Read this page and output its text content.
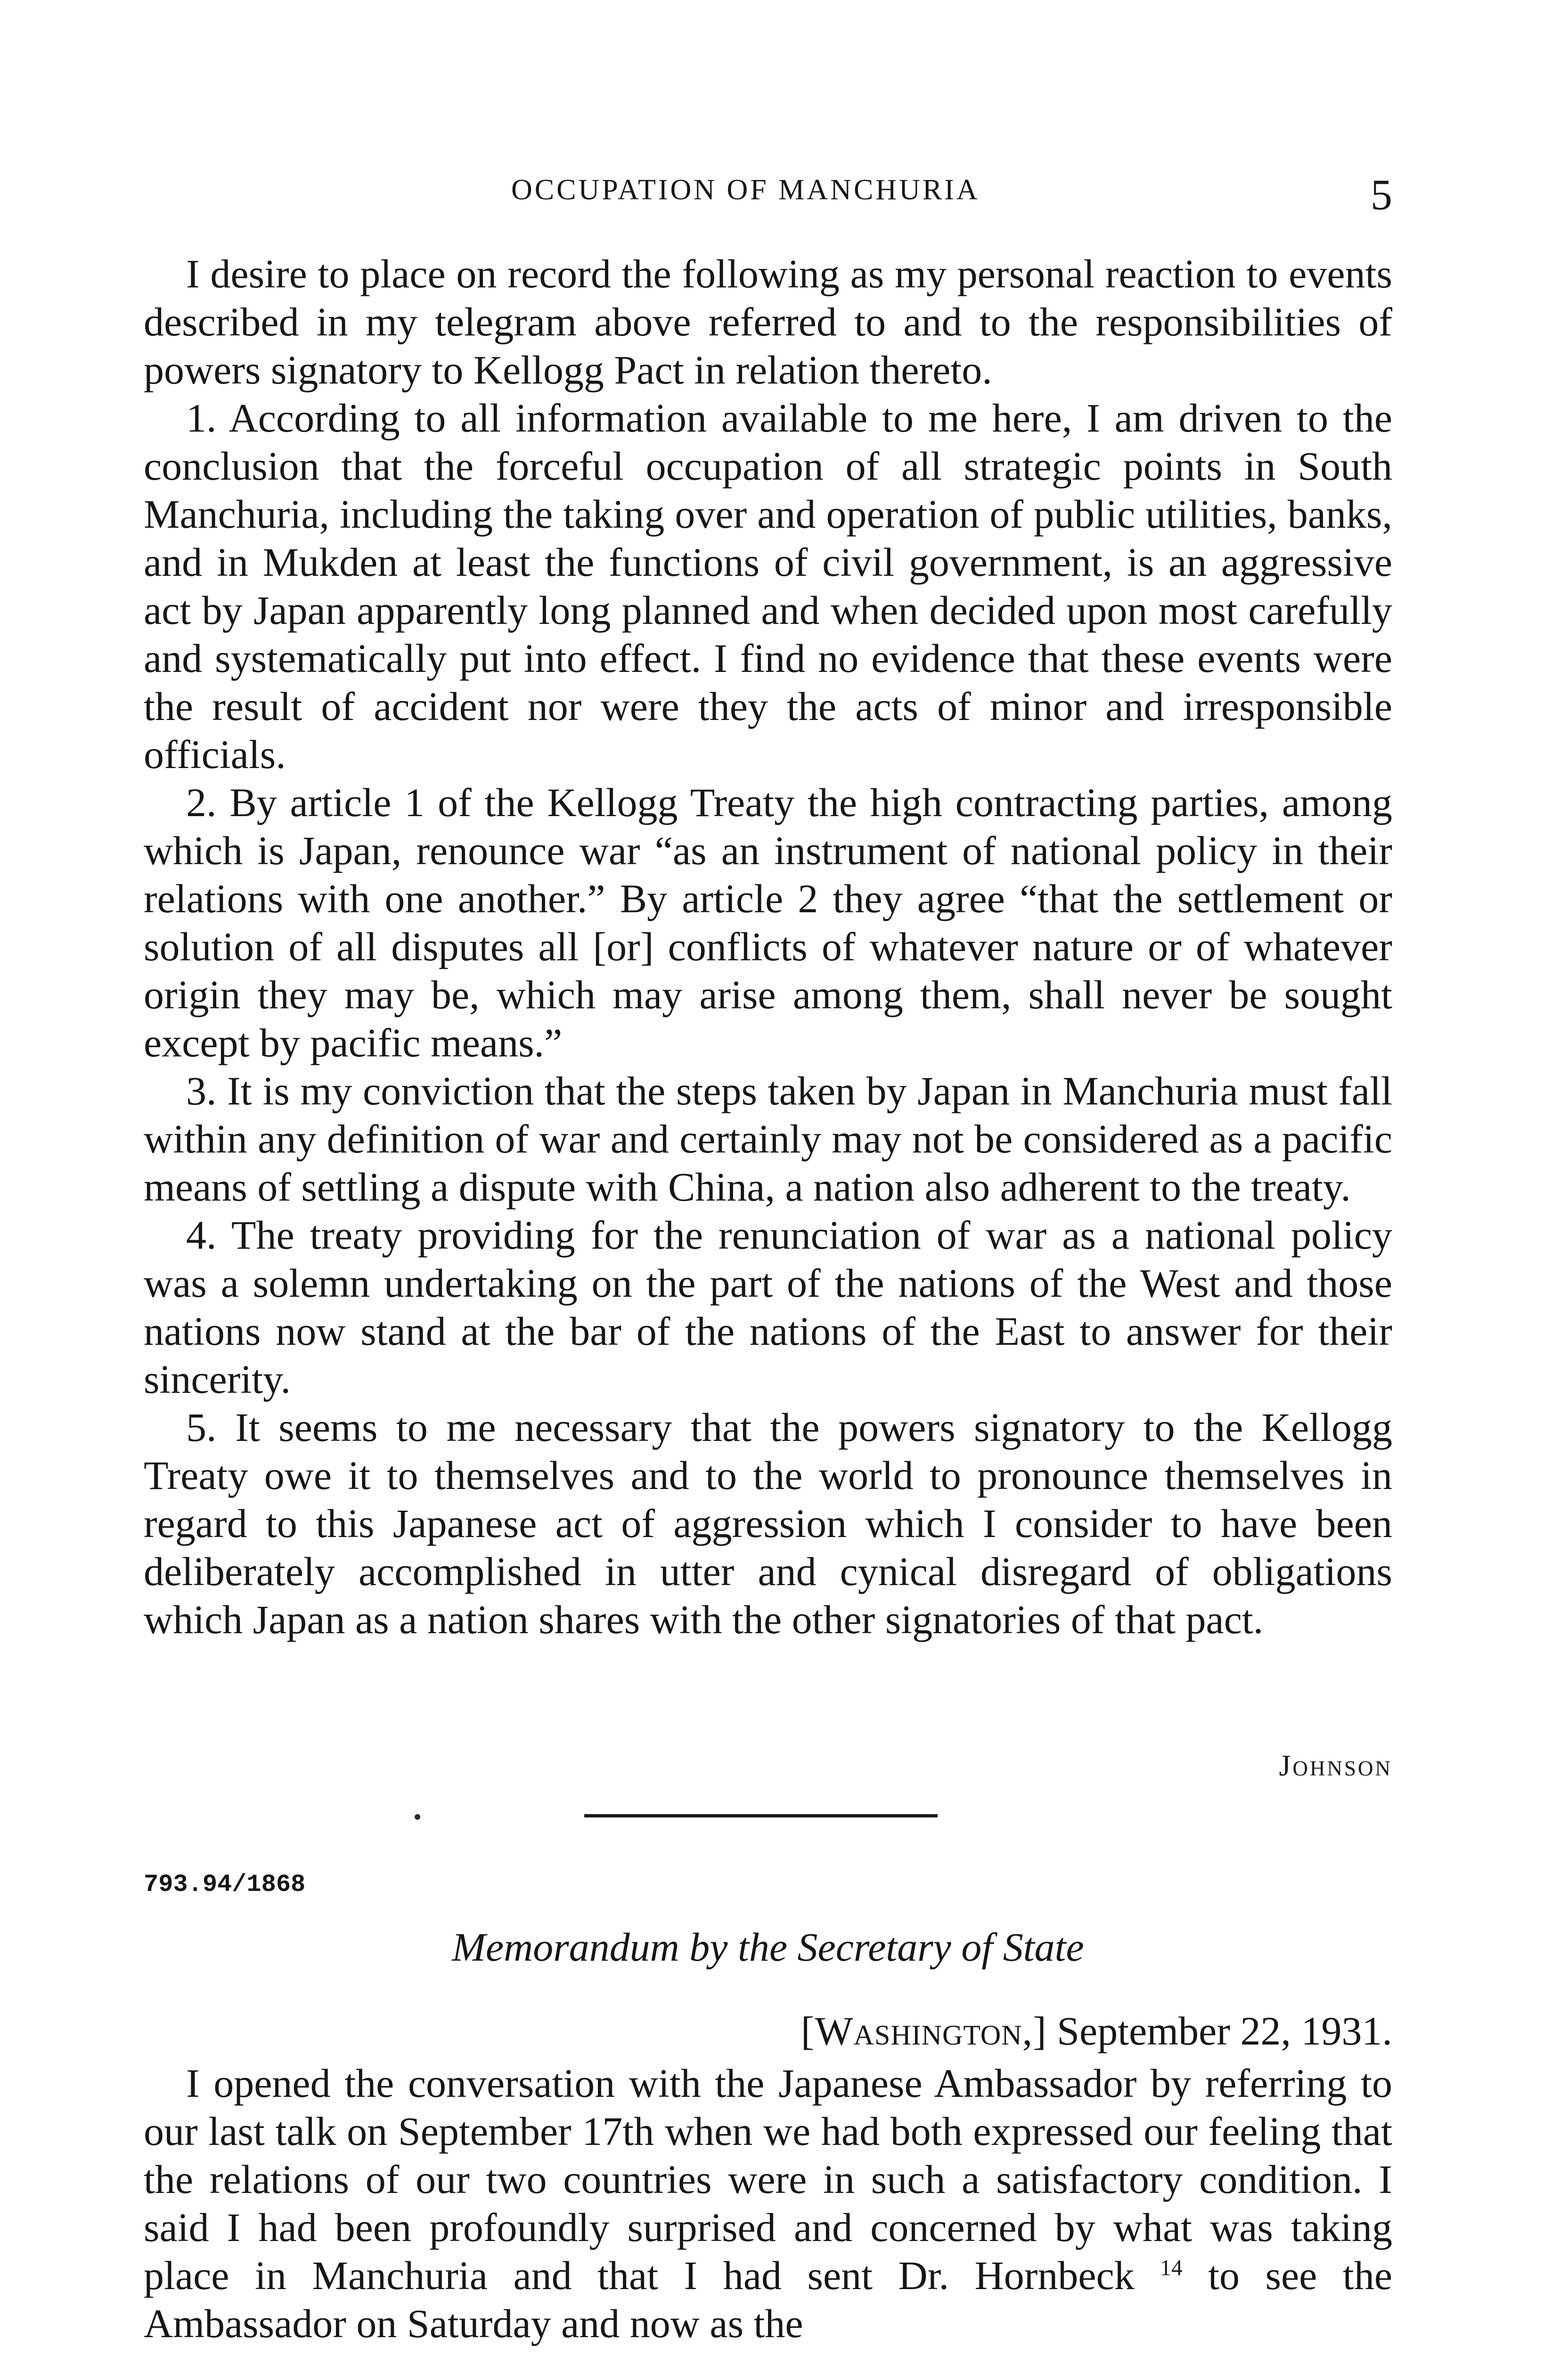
OCCUPATION OF MANCHURIA	5

I desire to place on record the following as my personal reaction to events described in my telegram above referred to and to the responsibilities of powers signatory to Kellogg Pact in relation thereto.

1. According to all information available to me here, I am driven to the conclusion that the forceful occupation of all strategic points in South Manchuria, including the taking over and operation of public utilities, banks, and in Mukden at least the functions of civil government, is an aggressive act by Japan apparently long planned and when decided upon most carefully and systematically put into effect. I find no evidence that these events were the result of accident nor were they the acts of minor and irresponsible officials.

2. By article 1 of the Kellogg Treaty the high contracting parties, among which is Japan, renounce war “as an instrument of national policy in their relations with one another.” By article 2 they agree “that the settlement or solution of all disputes all [or] conflicts of whatever nature or of whatever origin they may be, which may arise among them, shall never be sought except by pacific means.”

3. It is my conviction that the steps taken by Japan in Manchuria must fall within any definition of war and certainly may not be considered as a pacific means of settling a dispute with China, a nation also adherent to the treaty.

4. The treaty providing for the renunciation of war as a national policy was a solemn undertaking on the part of the nations of the West and those nations now stand at the bar of the nations of the East to answer for their sincerity.

5. It seems to me necessary that the powers signatory to the Kellogg Treaty owe it to themselves and to the world to pronounce themselves in regard to this Japanese act of aggression which I consider to have been deliberately accomplished in utter and cynical disregard of obligations which Japan as a nation shares with the other signatories of that pact.

Johnson
793.94/1868
Memorandum by the Secretary of State
[Washington,] September 22, 1931.

I opened the conversation with the Japanese Ambassador by referring to our last talk on September 17th when we had both expressed our feeling that the relations of our two countries were in such a satisfactory condition. I said I had been profoundly surprised and concerned by what was taking place in Manchuria and that I had sent Dr. Hornbeck $^{14}$ to see the Ambassador on Saturday and now as the
